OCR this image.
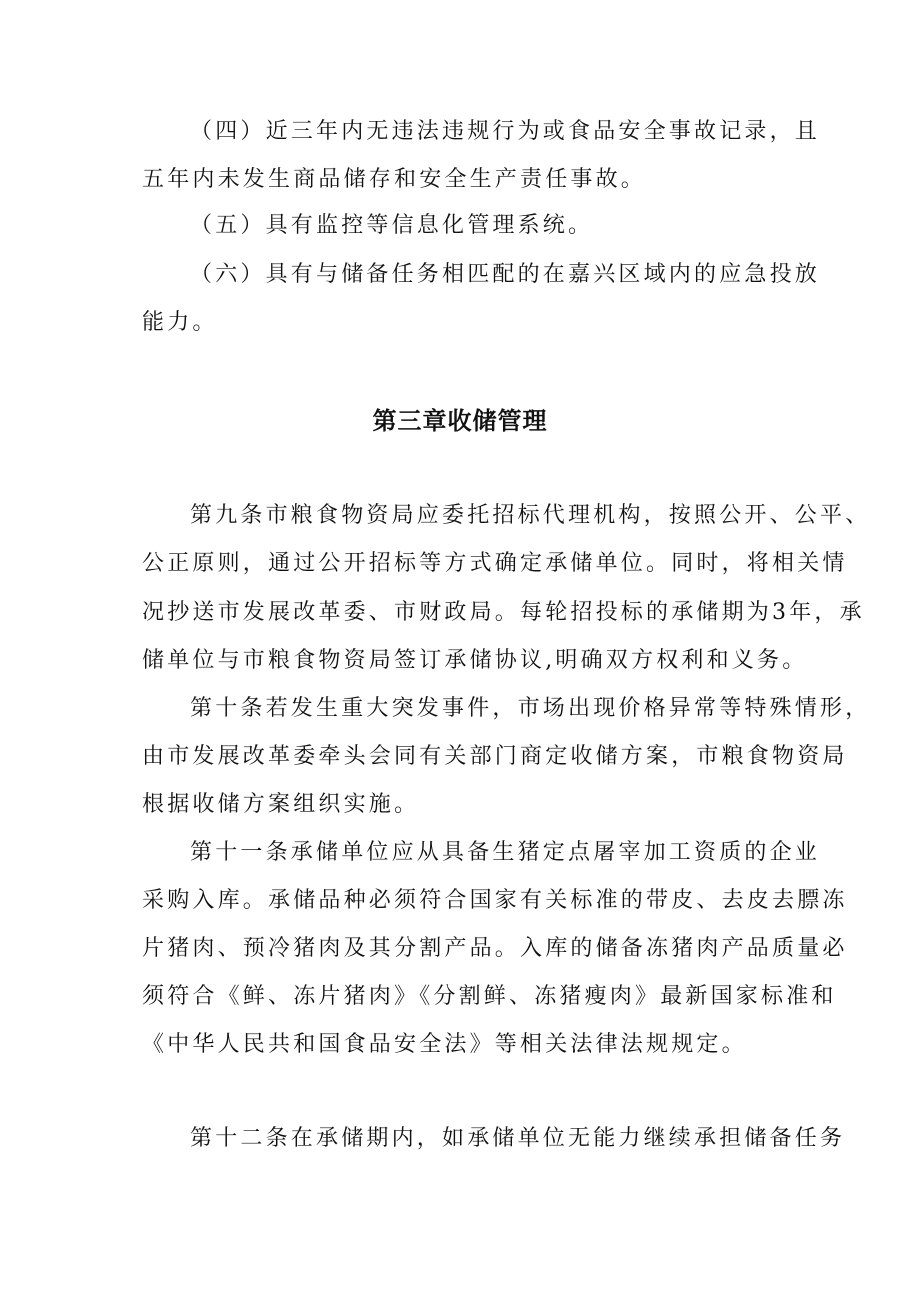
（四）近三年内无违法违规行为或食品安全事故记录，且
五年内未发生商品储存和安全生产责任事故。
（五）具有监控等信息化管理系统。
（六）具有与储备任务相匹配的在嘉兴区域内的应急投放
能力。
第三章收储管理
第九条市粮食物资局应委托招标代理机构，按照公开、公平、
公正原则，通过公开招标等方式确定承储单位。同时，将相关情
况抄送市发展改革委、市财政局。每轮招投标的承储期为3年，承
储单位与市粮食物资局签订承储协议,明确双方权利和义务。
第十条若发生重大突发事件，市场出现价格异常等特殊情形，
由市发展改革委牵头会同有关部门商定收储方案，市粮食物资局
根据收储方案组织实施。
第十一条承储单位应从具备生猪定点屠宰加工资质的企业
采购入库。承储品种必须符合国家有关标准的带皮、去皮去膘冻
片猪肉、预冷猪肉及其分割产品。入库的储备冻猪肉产品质量必
须符合《鲜、冻片猪肉》《分割鲜、冻猪瘦肉》最新国家标准和
《中华人民共和国食品安全法》等相关法律法规规定。
第十二条在承储期内，如承储单位无能力继续承担储备任务
